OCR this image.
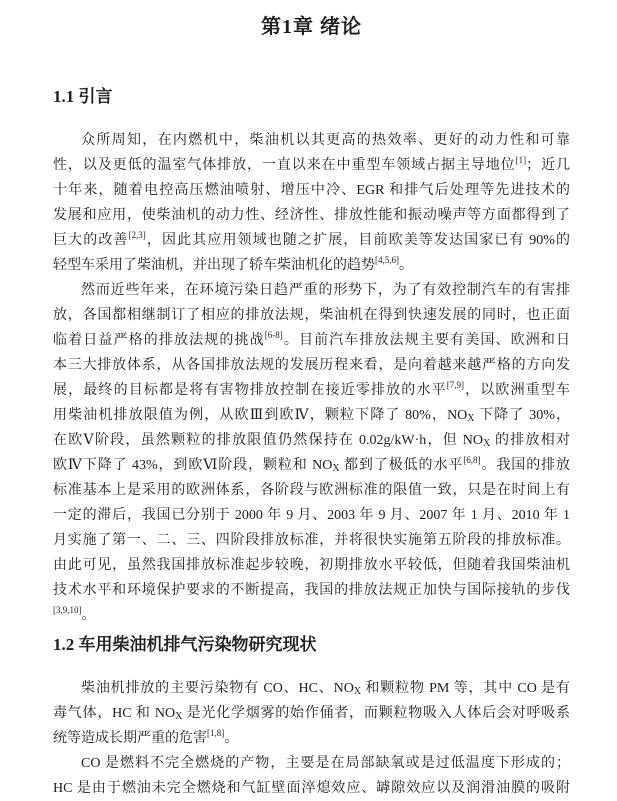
第1章 绪论
1.1 引言
众所周知，在内燃机中，柴油机以其更高的热效率、更好的动力性和可靠
性，以及更低的温室气体排放，一直以来在中重型车领域占据主导地位[1]；近几
十年来，随着电控高压燃油喷射、增压中冷、EGR 和排气后处理等先进技术的
发展和应用，使柴油机的动力性、经济性、排放性能和振动噪声等方面都得到了
巨大的改善[2,3]，因此其应用领域也随之扩展，目前欧美等发达国家已有 90%的
轻型车采用了柴油机，并出现了轿车柴油机化的趋势[4,5,6]。
然而近些年来，在环境污染日趋严重的形势下，为了有效控制汽车的有害排
放，各国都相继制订了相应的排放法规，柴油机在得到快速发展的同时，也正面
临着日益严格的排放法规的挑战[6-8]。目前汽车排放法规主要有美国、欧洲和日
本三大排放体系，从各国排放法规的发展历程来看，是向着越来越严格的方向发
展，最终的目标都是将有害物排放控制在接近零排放的水平[7,9]，以欧洲重型车
用柴油机排放限值为例，从欧Ⅲ到欧Ⅳ，颗粒下降了 80%，NOX 下降了 30%，
在欧Ⅴ阶段，虽然颗粒的排放限值仍然保持在 0.02g/kW·h，但 NOX 的排放相对
欧Ⅳ下降了 43%，到欧Ⅵ阶段，颗粒和 NOX 都到了极低的水平[6,8]。我国的排放
标准基本上是采用的欧洲体系，各阶段与欧洲标准的限值一致，只是在时间上有
一定的滞后，我国已分别于 2000 年 9 月、2003 年 9 月、2007 年 1 月、2010 年 1
月实施了第一、二、三、四阶段排放标准，并将很快实施第五阶段的排放标准。
由此可见，虽然我国排放标准起步较晚，初期排放水平较低，但随着我国柴油机
技术水平和环境保护要求的不断提高，我国的排放法规正加快与国际接轨的步伐
[3,9,10]。
1.2 车用柴油机排气污染物研究现状
柴油机排放的主要污染物有 CO、HC、NOX 和颗粒物 PM 等，其中 CO 是有
毒气体，HC 和 NOX 是光化学烟雾的始作俑者，而颗粒物吸入人体后会对呼吸系
统等造成长期严重的危害[1,8]。
CO 是燃料不完全燃烧的产物，主要是在局部缺氧或是过低温度下形成的；
HC 是由于燃油未完全燃烧和气缸壁面淬熄效应、罅隙效应以及润滑油膜的吸附
